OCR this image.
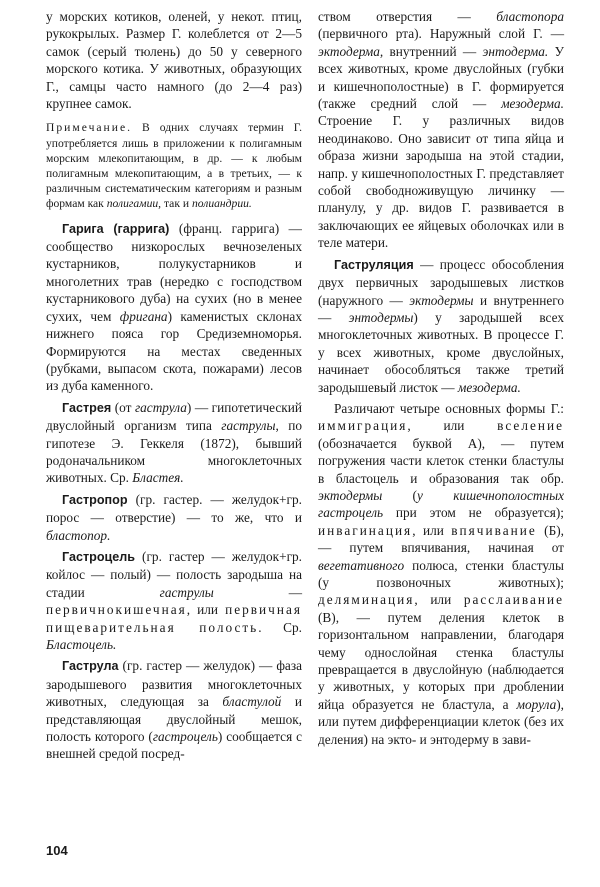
у морских котиков, оленей, у некот. птиц, рукокрылых. Размер Г. колеблется от 2—5 самок (серый тюлень) до 50 у северного морского котика. У животных, образующих Г., самцы часто намного (до 2—4 раз) крупнее самок.

Примечание. В одних случаях термин Г. употребляется лишь в приложении к полигамным морским млекопитающим, в др. — к любым полигамным млекопитающим, а в третьих, — к различным систематическим категориям и разным формам как полигамии, так и полиандрии.

Гарига (гаррига) (франц. гаррига) — сообщество низкорослых вечнозеленых кустарников, полукустарников и многолетних трав (нередко с господством кустарникового дуба) на сухих (но в менее сухих, чем фригана) каменистых склонах нижнего пояса гор Средиземноморья. Формируются на местах сведенных (рубками, выпасом скота, пожарами) лесов из дуба каменного.

Гастрея (от гаструла) — гипотетический двуслойный организм типа гаструлы, по гипотезе Э. Геккеля (1872), бывший родоначальником многоклеточных животных. Ср. Бластея.

Гастропор (гр. гастер. — желудок+гр. порос — отверстие) — то же, что и бластопор.

Гастроцель (гр. гастер — желудок+гр. койлос — полый) — полость зародыша на стадии гаструлы — первичнокишечная, или первичная пищеварительная полость. Ср. Бластоцель.

Гаструла (гр. гастер — желудок) — фаза зародышевого развития многоклеточных животных, следующая за бластулой и представляющая двуслойный мешок, полость которого (гастроцель) сообщается с внешней средой посред-

ством отверстия — бластопора (первичного рта). Наружный слой Г. — эктодерма, внутренний — энтодерма. У всех животных, кроме двуслойных (губки и кишечнополостные) в Г. формируется (также средний слой — мезодерма. Строение Г. у различных видов неодинаково. Оно зависит от типа яйца и образа жизни зародыша на этой стадии, напр. у кишечнополостных Г. представляет собой свободноживущую личинку — планулу, у др. видов Г. развивается в заключающих ее яйцевых оболочках или в теле матери.

Гаструляция — процесс обособления двух первичных зародышевых листков (наружного — эктодермы и внутреннего — энтодермы) у зародышей всех многоклеточных животных. В процессе Г. у всех животных, кроме двуслойных, начинает обособляться также третий зародышевый листок — мезодерма.

Различают четыре основных формы Г.: иммиграция, или вселение (обозначается буквой А), — путем погружения части клеток стенки бластулы в бластоцель и образования так обр. эктодермы (у кишечнополостных гастроцель при этом не образуется); инвагинация, или впячивание (Б), — путем впячивания, начиная от вегетативного полюса, стенки бластулы (у позвоночных животных); деляминация, или расслаивание (В), — путем деления клеток в горизонтальном направлении, благодаря чему однослойная стенка бластулы превращается в двуслойную (наблюдается у животных, у которых при дроблении яйца образуется не бластула, а морула), или путем дифференциации клеток (без их деления) на экто- и энтодерму в зави-

104
